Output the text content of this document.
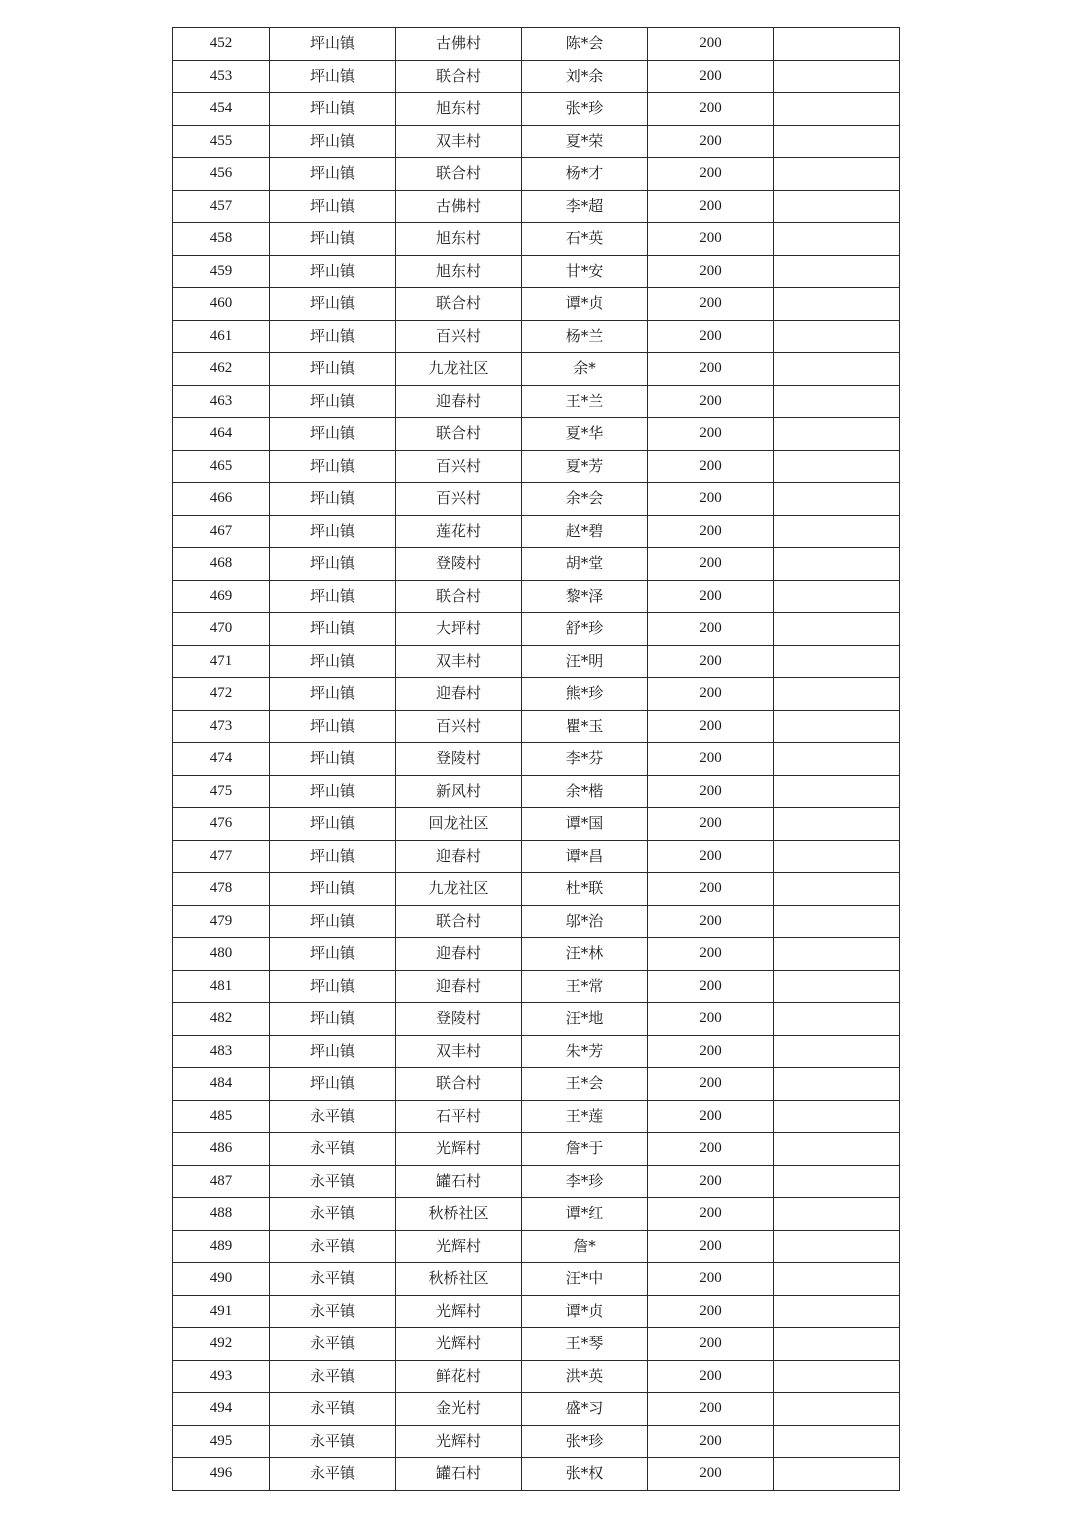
452	坪山镇	古佛村	陈*会	200	
453	坪山镇	联合村	刘*余	200	
454	坪山镇	旭东村	张*珍	200	
455	坪山镇	双丰村	夏*荣	200	
456	坪山镇	联合村	杨*才	200	
457	坪山镇	古佛村	李*超	200	
458	坪山镇	旭东村	石*英	200	
459	坪山镇	旭东村	甘*安	200	
460	坪山镇	联合村	谭*贞	200	
461	坪山镇	百兴村	杨*兰	200	
462	坪山镇	九龙社区	余*	200	
463	坪山镇	迎春村	王*兰	200	
464	坪山镇	联合村	夏*华	200	
465	坪山镇	百兴村	夏*芳	200	
466	坪山镇	百兴村	余*会	200	
467	坪山镇	莲花村	赵*碧	200	
468	坪山镇	登陵村	胡*堂	200	
469	坪山镇	联合村	黎*泽	200	
470	坪山镇	大坪村	舒*珍	200	
471	坪山镇	双丰村	汪*明	200	
472	坪山镇	迎春村	熊*珍	200	
473	坪山镇	百兴村	瞿*玉	200	
474	坪山镇	登陵村	李*芬	200	
475	坪山镇	新风村	余*楷	200	
476	坪山镇	回龙社区	谭*国	200	
477	坪山镇	迎春村	谭*昌	200	
478	坪山镇	九龙社区	杜*联	200	
479	坪山镇	联合村	邬*治	200	
480	坪山镇	迎春村	汪*林	200	
481	坪山镇	迎春村	王*常	200	
482	坪山镇	登陵村	汪*地	200	
483	坪山镇	双丰村	朱*芳	200	
484	坪山镇	联合村	王*会	200	
485	永平镇	石平村	王*莲	200	
486	永平镇	光辉村	詹*于	200	
487	永平镇	罐石村	李*珍	200	
488	永平镇	秋桥社区	谭*红	200	
489	永平镇	光辉村	詹*	200	
490	永平镇	秋桥社区	汪*中	200	
491	永平镇	光辉村	谭*贞	200	
492	永平镇	光辉村	王*琴	200	
493	永平镇	鲜花村	洪*英	200	
494	永平镇	金光村	盛*习	200	
495	永平镇	光辉村	张*珍	200	
496	永平镇	罐石村	张*权	200	
